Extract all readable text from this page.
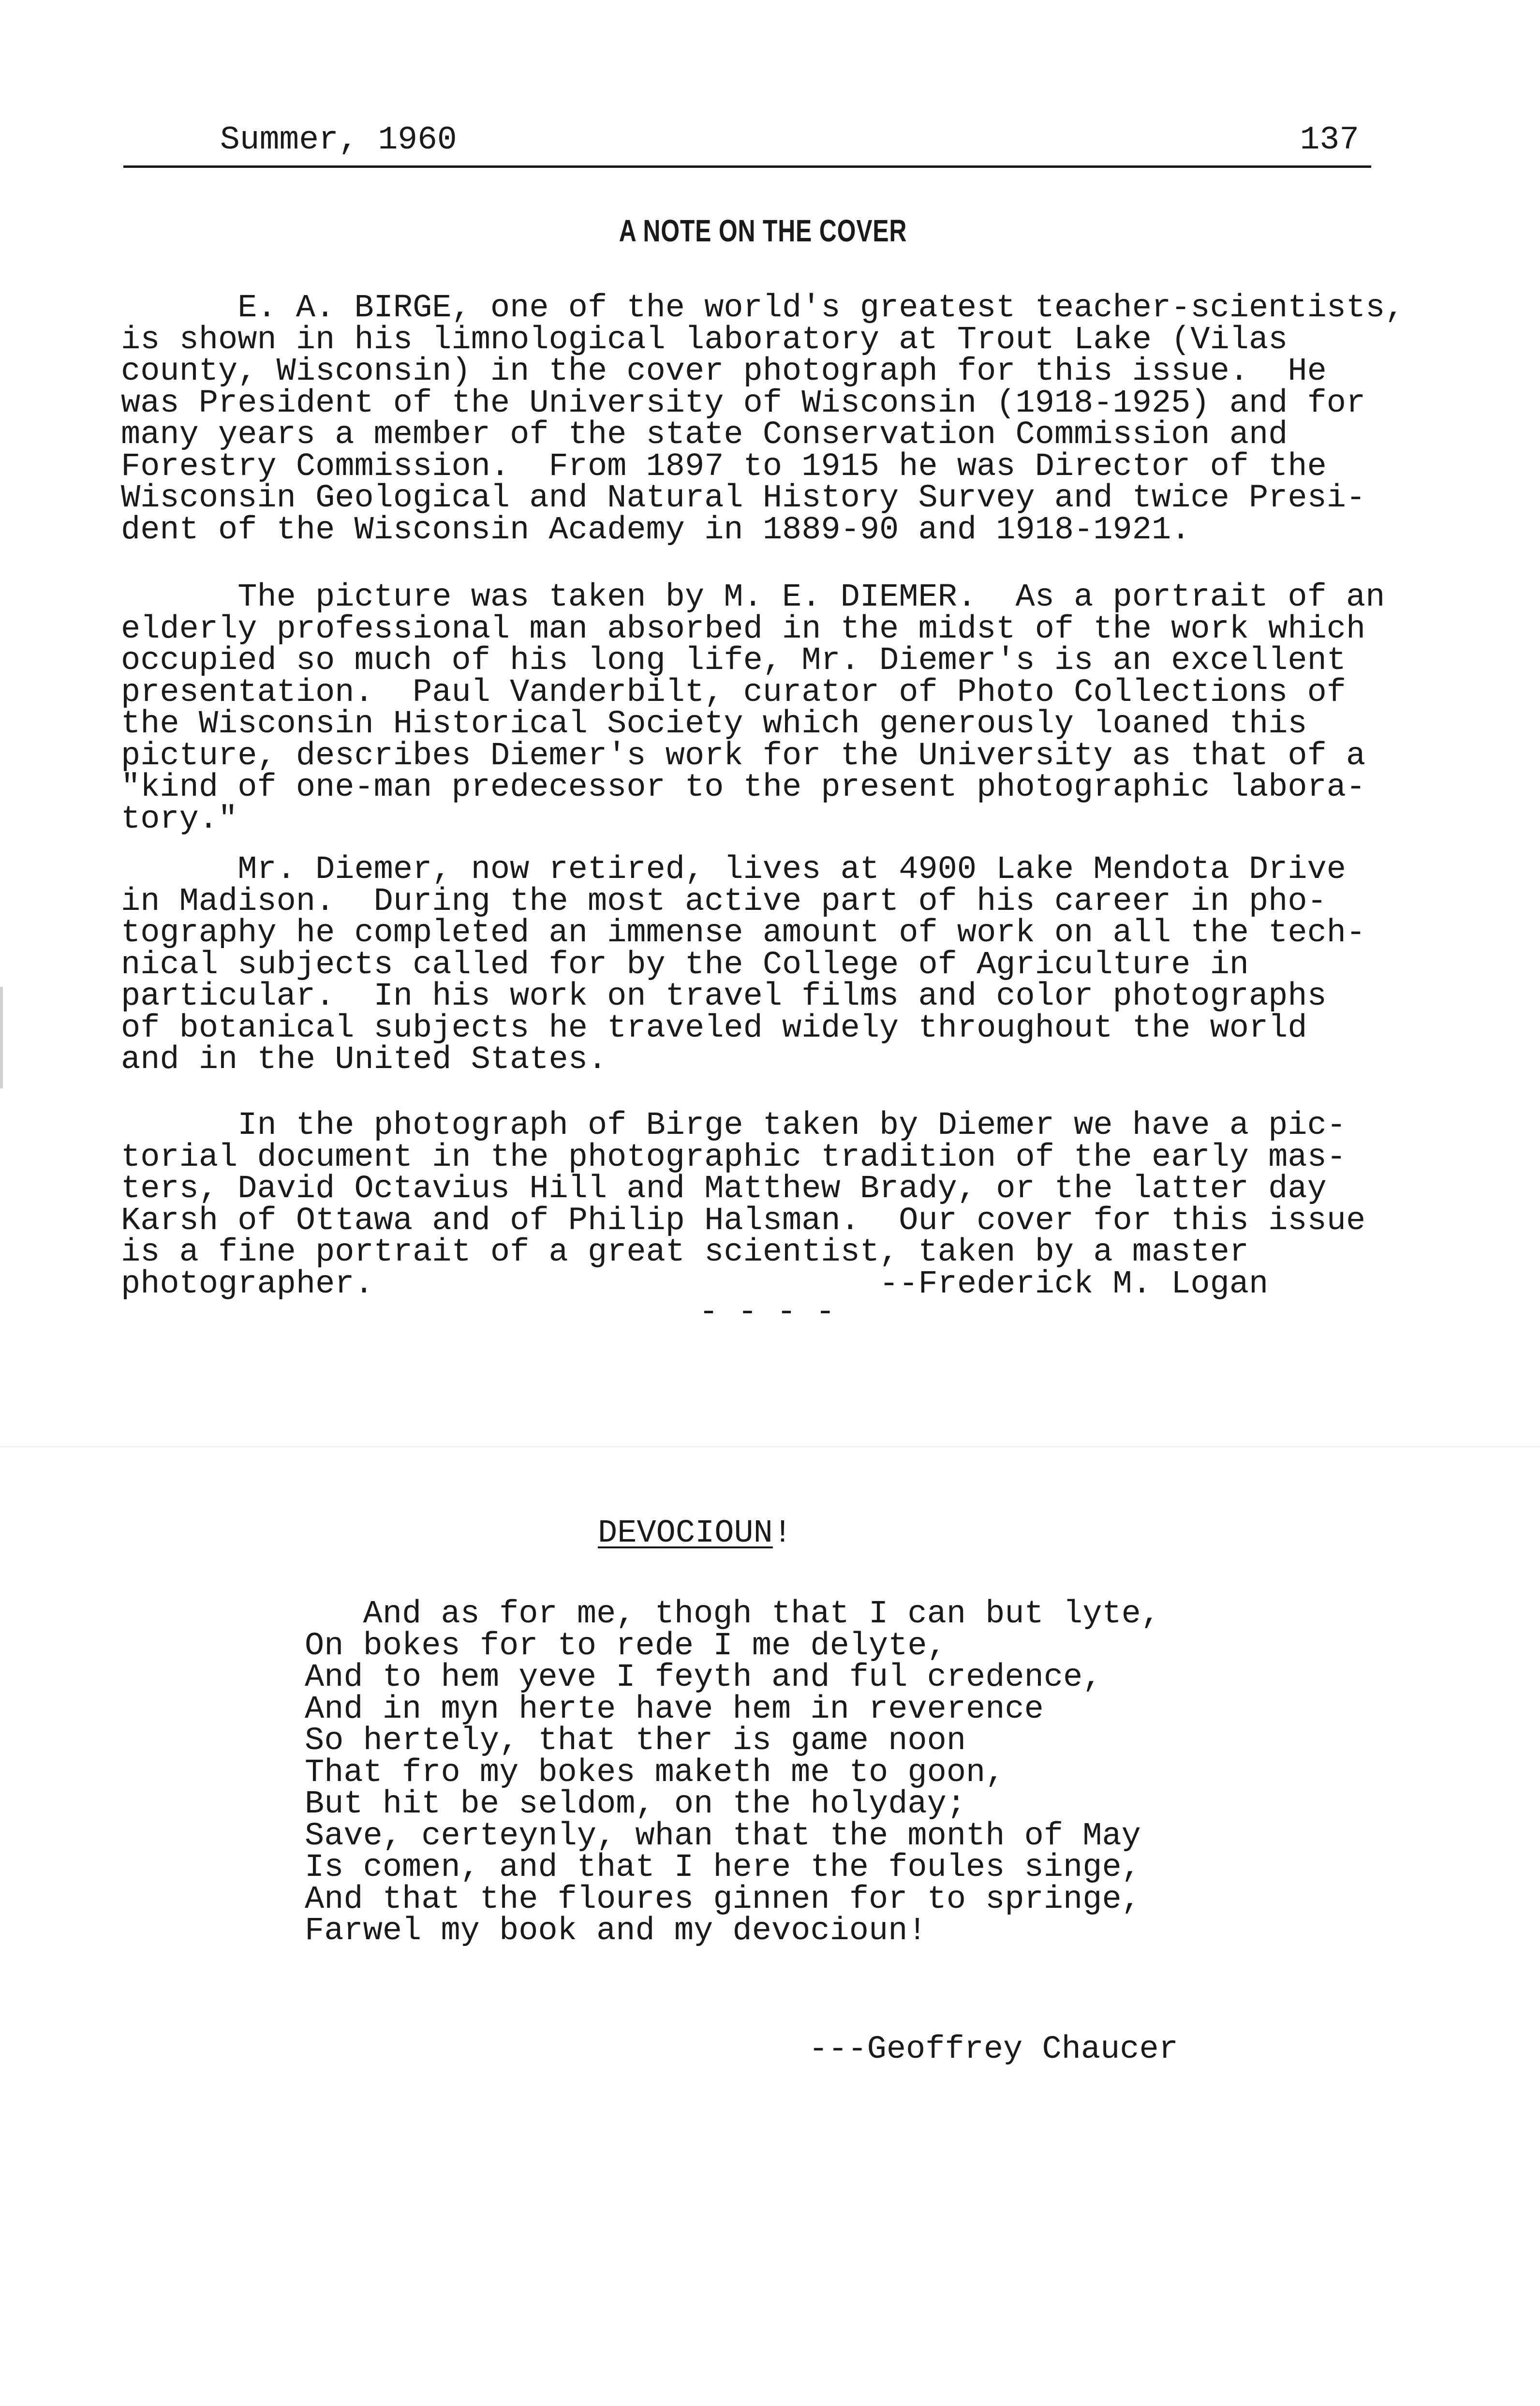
Summer, 1960	137
A NOTE ON THE COVER
E. A. BIRGE, one of the world's greatest teacher-scientists,
is shown in his limnological laboratory at Trout Lake (Vilas
county, Wisconsin) in the cover photograph for this issue.  He
was President of the University of Wisconsin (1918-1925) and for
many years a member of the state Conservation Commission and
Forestry Commission.  From 1897 to 1915 he was Director of the
Wisconsin Geological and Natural History Survey and twice Presi-
dent of the Wisconsin Academy in 1889-90 and 1918-1921.
The picture was taken by M. E. DIEMER.  As a portrait of an
elderly professional man absorbed in the midst of the work which
occupied so much of his long life, Mr. Diemer's is an excellent
presentation.  Paul Vanderbilt, curator of Photo Collections of
the Wisconsin Historical Society which generously loaned this
picture, describes Diemer's work for the University as that of a
"kind of one-man predecessor to the present photographic labora-
tory."
Mr. Diemer, now retired, lives at 4900 Lake Mendota Drive
in Madison.  During the most active part of his career in pho-
tography he completed an immense amount of work on all the tech-
nical subjects called for by the College of Agriculture in
particular.  In his work on travel films and color photographs
of botanical subjects he traveled widely throughout the world
and in the United States.
In the photograph of Birge taken by Diemer we have a pic-
torial document in the photographic tradition of the early mas-
ters, David Octavius Hill and Matthew Brady, or the latter day
Karsh of Ottawa and of Philip Halsman.  Our cover for this issue
is a fine portrait of a great scientist, taken by a master
photographer.                          --Frederick M. Logan
- - - -
DEVOCIOUN!
And as for me, thogh that I can but lyte,
On bokes for to rede I me delyte,
And to hem yeve I feyth and ful credence,
And in myn herte have hem in reverence
So hertely, that ther is game noon
That fro my bokes maketh me to goon,
But hit be seldom, on the holyday;
Save, certeynly, whan that the month of May
Is comen, and that I here the foules singe,
And that the floures ginnen for to springe,
Farwel my book and my devocioun!
---Geoffrey Chaucer
